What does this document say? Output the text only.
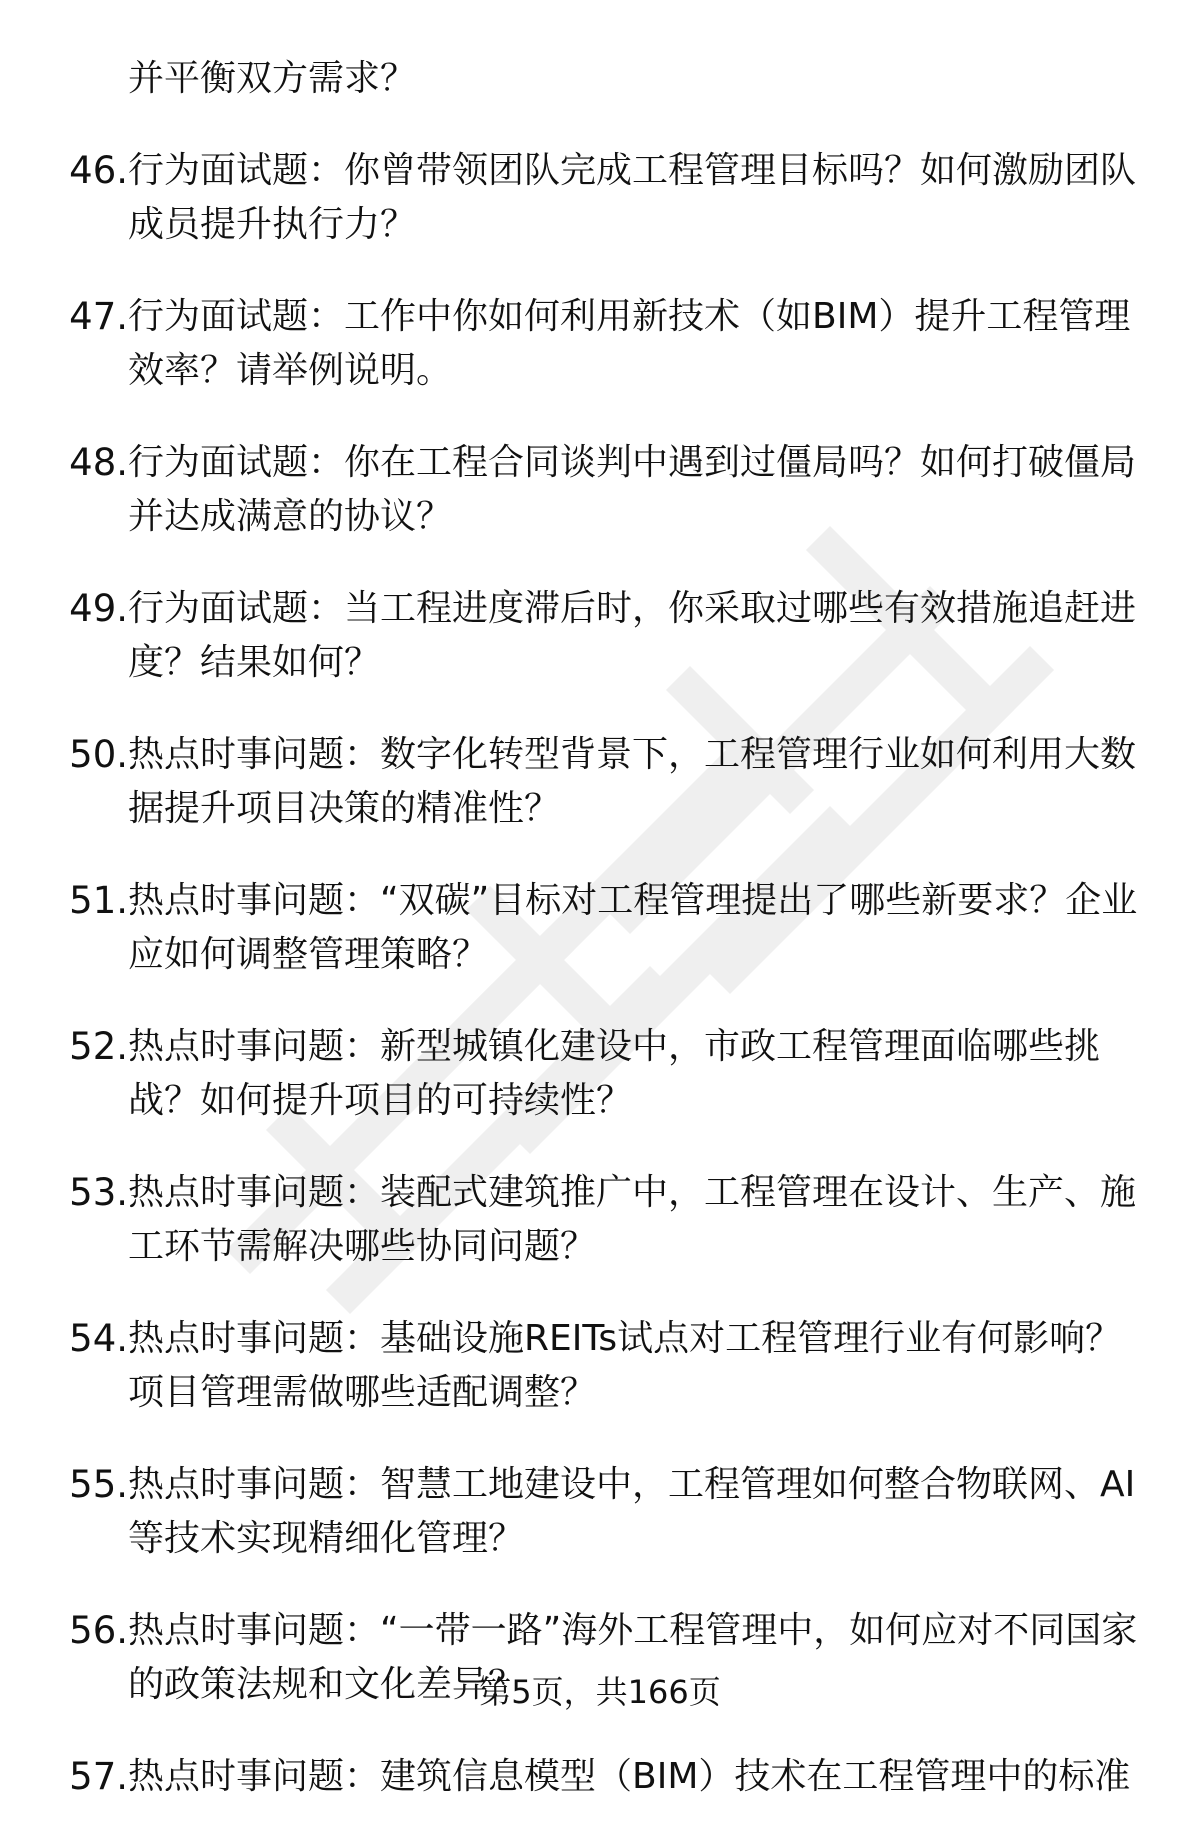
并平衡双方需求？
46. 行为面试题：你曾带领团队完成工程管理目标吗？如何激励团队成员提升执行力？
47. 行为面试题：工作中你如何利用新技术（如BIM）提升工程管理效率？请举例说明。
48. 行为面试题：你在工程合同谈判中遇到过僵局吗？如何打破僵局并达成满意的协议？
49. 行为面试题：当工程进度滞后时，你采取过哪些有效措施追赶进度？结果如何？
50. 热点时事问题：数字化转型背景下，工程管理行业如何利用大数据提升项目决策的精准性？
51. 热点时事问题：“双碳”目标对工程管理提出了哪些新要求？企业应如何调整管理策略？
52. 热点时事问题：新型城镇化建设中，市政工程管理面临哪些挑战？如何提升项目的可持续性？
53. 热点时事问题：装配式建筑推广中，工程管理在设计、生产、施工环节需解决哪些协同问题？
54. 热点时事问题：基础设施REITs试点对工程管理行业有何影响？项目管理需做哪些适配调整？
55. 热点时事问题：智慧工地建设中，工程管理如何整合物联网、AI等技术实现精细化管理？
56. 热点时事问题：“一带一路”海外工程管理中，如何应对不同国家的政策法规和文化差异？
57. 热点时事问题：建筑信息模型（BIM）技术在工程管理中的标准
第5页，共166页
